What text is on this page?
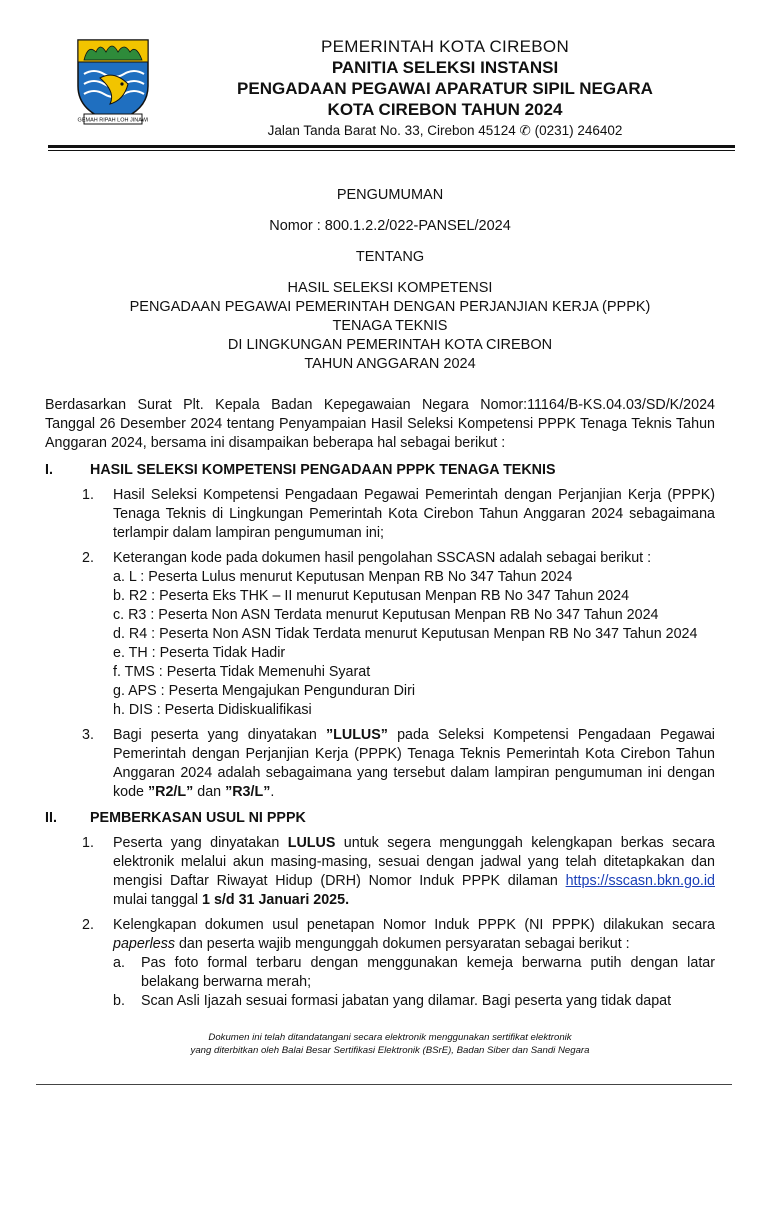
GEMAH RIPAH LOH JINAWI
PEMERINTAH KOTA CIREBON
PANITIA SELEKSI INSTANSI
PENGADAAN PEGAWAI APARATUR SIPIL NEGARA
KOTA CIREBON TAHUN 2024
Jalan Tanda Barat No. 33, Cirebon 45124 ✆ (0231) 246402
PENGUMUMAN
Nomor : 800.1.2.2/022-PANSEL/2024
TENTANG
HASIL SELEKSI KOMPETENSI
PENGADAAN PEGAWAI PEMERINTAH DENGAN PERJANJIAN KERJA (PPPK)
TENAGA TEKNIS
DI LINGKUNGAN PEMERINTAH KOTA CIREBON
TAHUN ANGGARAN 2024

Berdasarkan Surat Plt. Kepala Badan Kepegawaian Negara Nomor:11164/B-KS.04.03/SD/K/2024 Tanggal 26 Desember 2024 tentang Penyampaian Hasil Seleksi Kompetensi PPPK Tenaga Teknis Tahun Anggaran 2024, bersama ini disampaikan beberapa hal sebagai berikut :

I.	HASIL SELEKSI KOMPETENSI PENGADAAN PPPK TENAGA TEKNIS
1.	Hasil Seleksi Kompetensi Pengadaan Pegawai Pemerintah dengan Perjanjian Kerja (PPPK) Tenaga Teknis di Lingkungan Pemerintah Kota Cirebon Tahun Anggaran 2024 sebagaimana terlampir dalam lampiran pengumuman ini;
2.	Keterangan kode pada dokumen hasil pengolahan SSCASN adalah sebagai berikut :
a. L : Peserta Lulus menurut Keputusan Menpan RB No 347 Tahun 2024
b. R2 : Peserta Eks THK – II menurut Keputusan Menpan RB No 347 Tahun 2024
c. R3 : Peserta Non ASN Terdata menurut Keputusan Menpan RB No 347 Tahun 2024
d. R4 : Peserta Non ASN Tidak Terdata menurut Keputusan Menpan RB No 347 Tahun 2024
e. TH : Peserta Tidak Hadir
f. TMS : Peserta Tidak Memenuhi Syarat
g. APS : Peserta Mengajukan Pengunduran Diri
h. DIS : Peserta Didiskualifikasi
3.	Bagi peserta yang dinyatakan ”LULUS” pada Seleksi Kompetensi Pengadaan Pegawai Pemerintah dengan Perjanjian Kerja (PPPK) Tenaga Teknis Pemerintah Kota Cirebon Tahun Anggaran 2024 adalah sebagaimana yang tersebut dalam lampiran pengumuman ini dengan kode ”R2/L” dan ”R3/L”.
II.	PEMBERKASAN USUL NI PPPK
1.	Peserta yang dinyatakan LULUS untuk segera mengunggah kelengkapan berkas secara elektronik melalui akun masing-masing, sesuai dengan jadwal yang telah ditetapkakan dan mengisi Daftar Riwayat Hidup (DRH) Nomor Induk PPPK dilaman https://sscasn.bkn.go.id mulai tanggal 1 s/d 31 Januari 2025.
2.	Kelengkapan dokumen usul penetapan Nomor Induk PPPK (NI PPPK) dilakukan secara paperless dan peserta wajib mengunggah dokumen persyaratan sebagai berikut :
a.	Pas foto formal terbaru dengan menggunakan kemeja berwarna putih dengan latar belakang berwarna merah;
b.	Scan Asli Ijazah sesuai formasi jabatan yang dilamar. Bagi peserta yang tidak dapat
Dokumen ini telah ditandatangani secara elektronik menggunakan sertifikat elektronik
yang diterbitkan oleh Balai Besar Sertifikasi Elektronik (BSrE), Badan Siber dan Sandi Negara
